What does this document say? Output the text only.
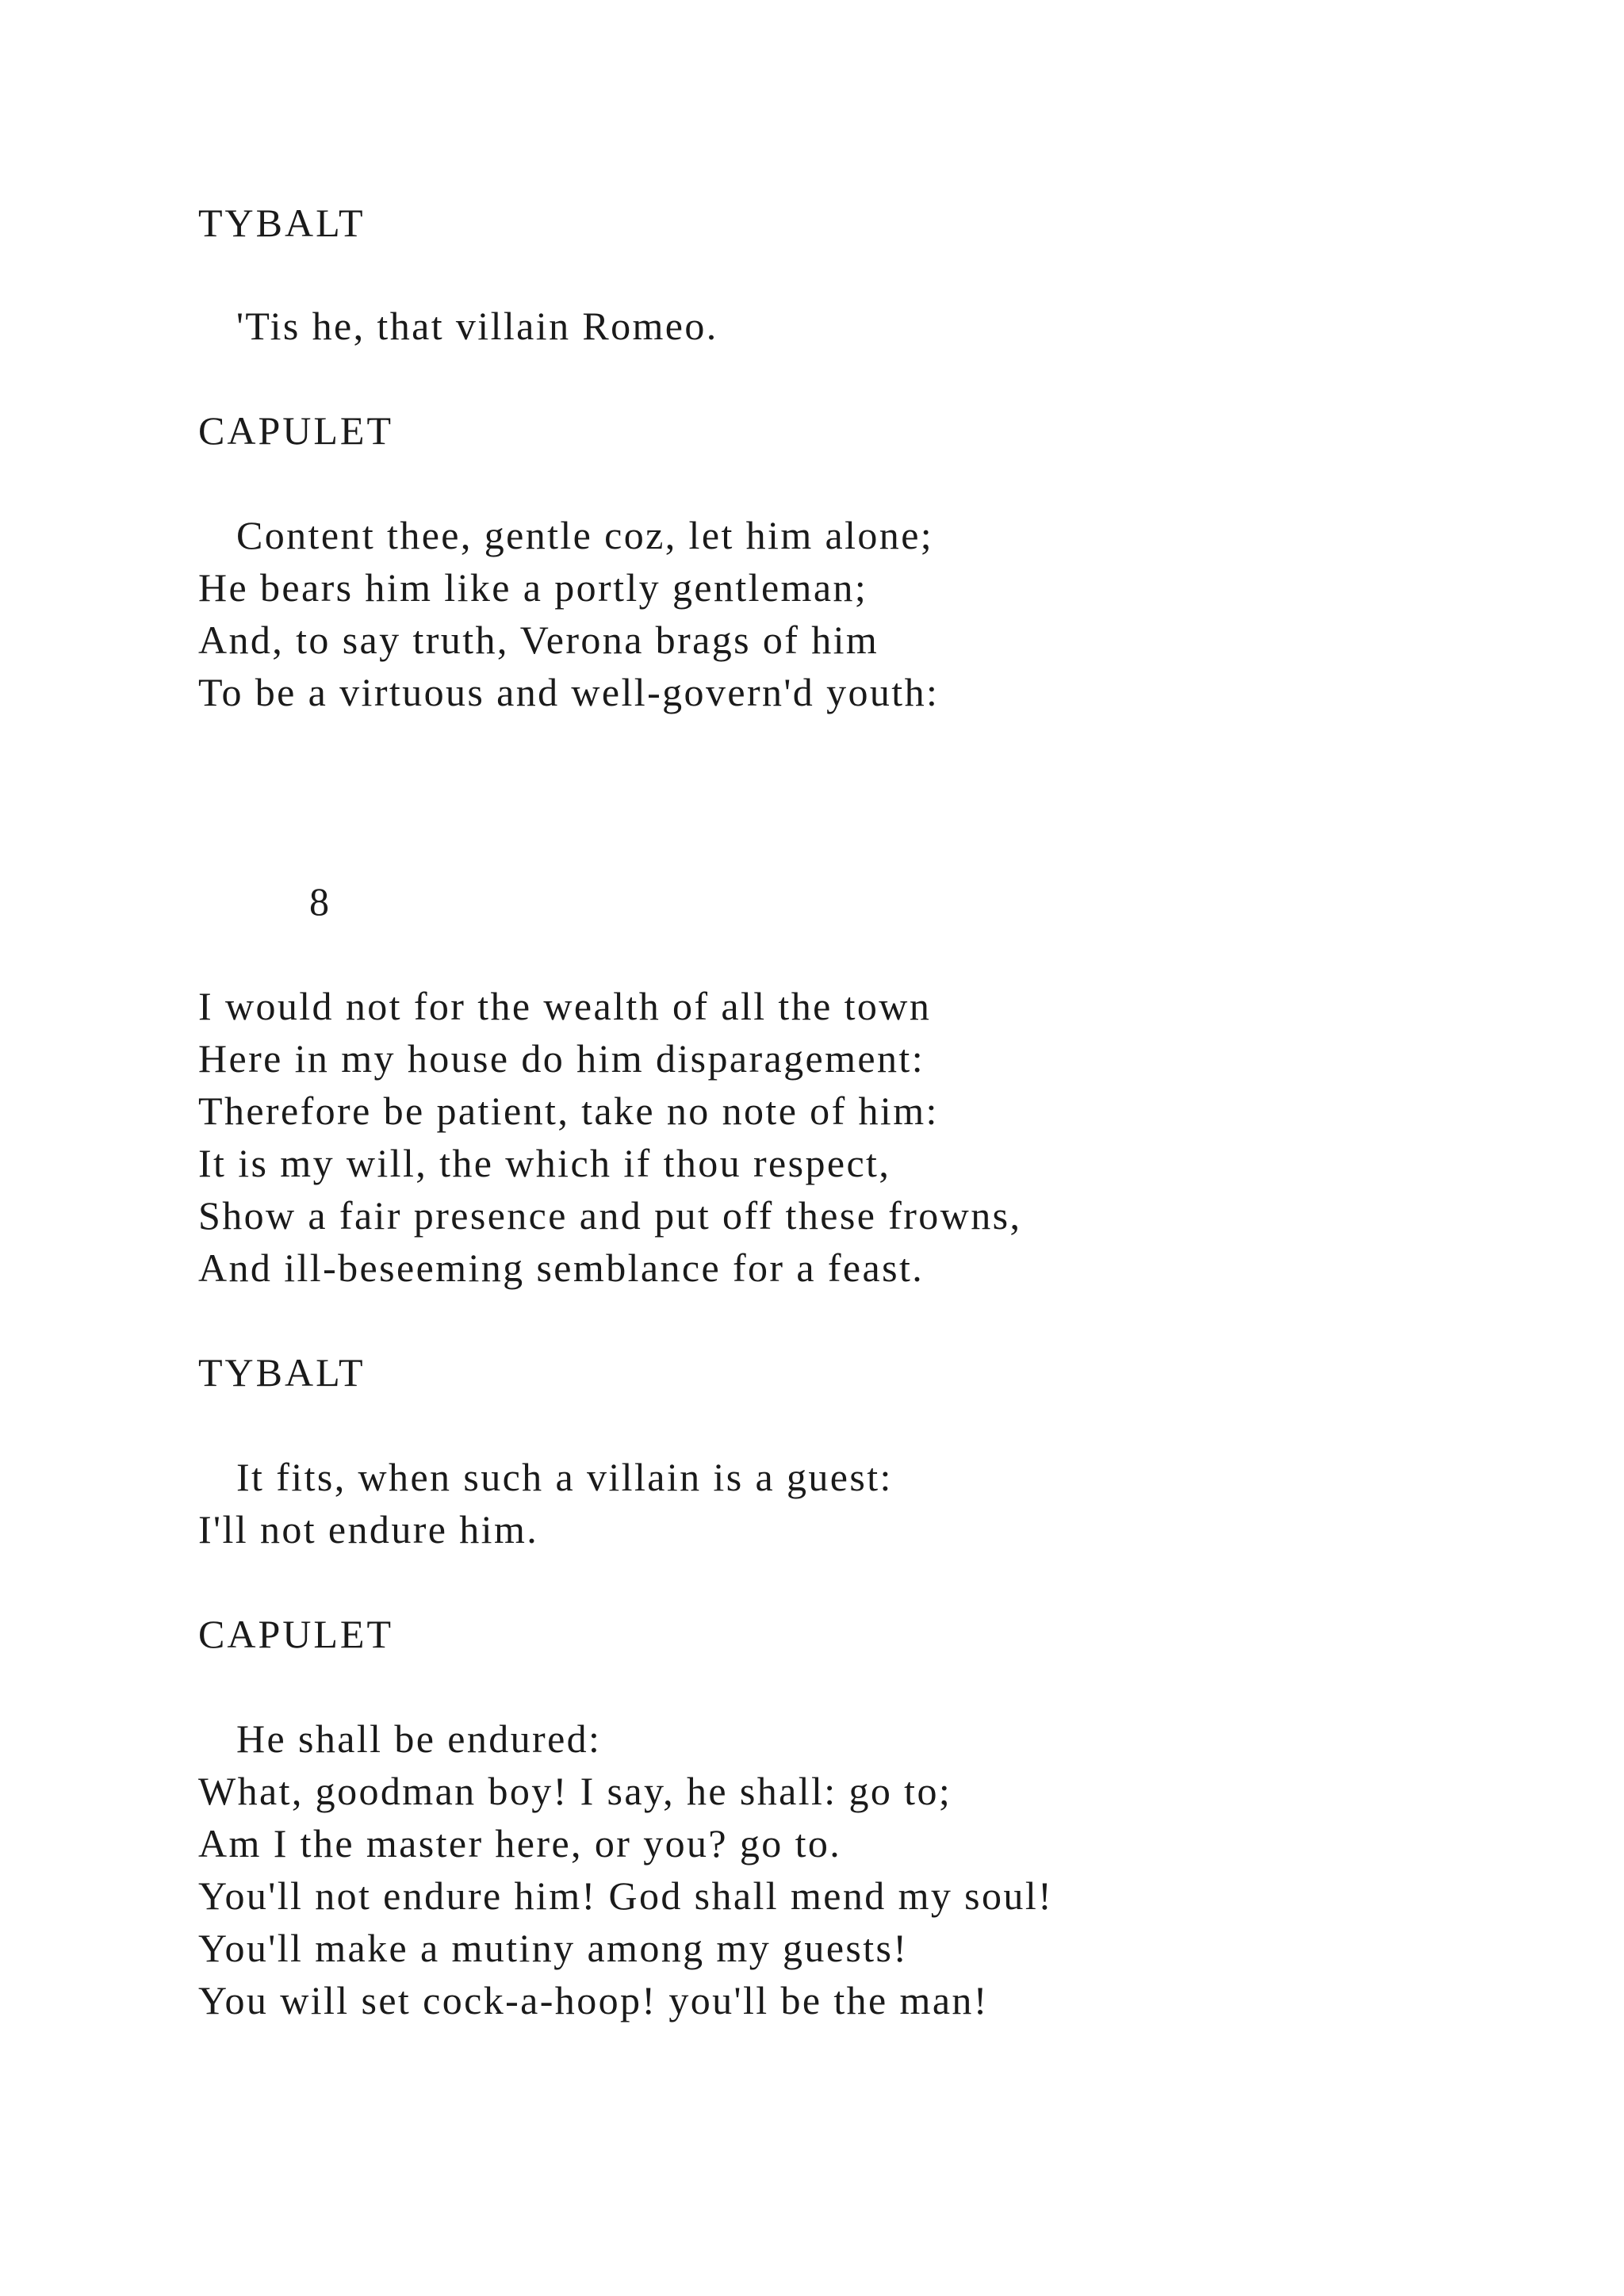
TYBALT
'Tis he, that villain Romeo.
CAPULET
Content thee, gentle coz, let him alone;
He bears him like a portly gentleman;
And, to say truth, Verona brags of him
To be a virtuous and well-govern'd youth:
8
I would not for the wealth of all the town
Here in my house do him disparagement:
Therefore be patient, take no note of him:
It is my will, the which if thou respect,
Show a fair presence and put off these frowns,
And ill-beseeming semblance for a feast.
TYBALT
It fits, when such a villain is a guest:
I'll not endure him.
CAPULET
He shall be endured:
What, goodman boy! I say, he shall: go to;
Am I the master here, or you? go to.
You'll not endure him! God shall mend my soul!
You'll make a mutiny among my guests!
You will set cock-a-hoop! you'll be the man!
